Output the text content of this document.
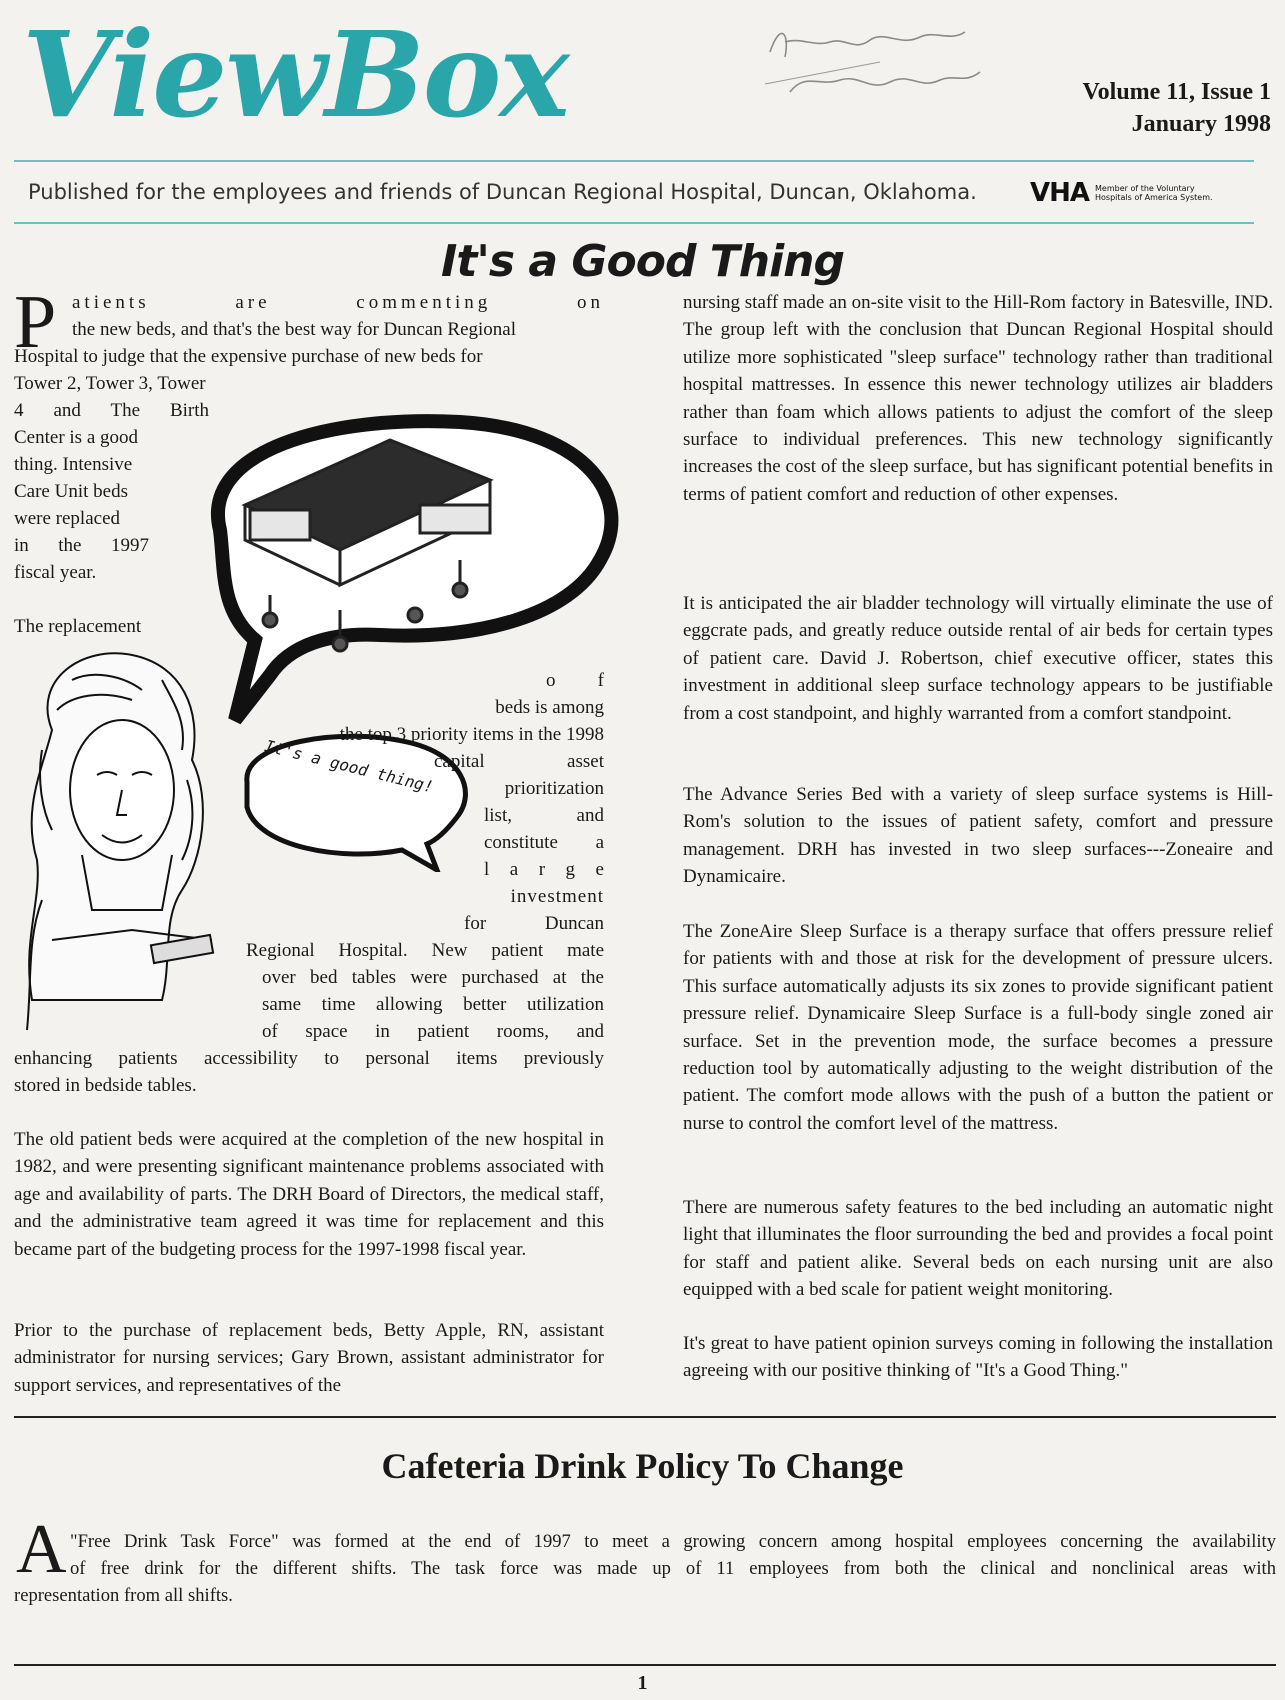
ViewBox	Volume 11, Issue 1
January 1998
Published for the employees and friends of Duncan Regional Hospital, Duncan, Oklahoma. VHA Member of the Voluntary
Hospitals of America System.
It's a Good Thing
P
It's a good thing!
atients are commenting on
the new beds, and that's the best way for Duncan Regional
Hospital to judge that the expensive purchase of new beds for
Tower 2, Tower 3, Tower
4 and The Birth
Center is a good
thing. Intensive
Care Unit beds
were replaced
in the 1997
fiscal year.
The replacement
o f
beds is among
the top 3 priority items in the 1998
capital asset
prioritization
list, and
constitute a
l a r g e
investment
for Duncan
Regional Hospital. New patient mate
over bed tables were purchased at the
same time allowing better utilization
of space in patient rooms, and
enhancing patients accessibility to personal items previously
stored in bedside tables.
The old patient beds were acquired at the completion of the new hospital in 1982, and were presenting significant maintenance problems associated with age and availability of parts. The DRH Board of Directors, the medical staff, and the administrative team agreed it was time for replacement and this became part of the budgeting process for the 1997-1998 fiscal year.
Prior to the purchase of replacement beds, Betty Apple, RN, assistant administrator for nursing services; Gary Brown, assistant administrator for support services, and representatives of the
nursing staff made an on-site visit to the Hill-Rom factory in Batesville, IND. The group left with the conclusion that Duncan Regional Hospital should utilize more sophisticated "sleep surface" technology rather than traditional hospital mattresses. In essence this newer technology utilizes air bladders rather than foam which allows patients to adjust the comfort of the sleep surface to individual preferences. This new technology significantly increases the cost of the sleep surface, but has significant potential benefits in terms of patient comfort and reduction of other expenses.
It is anticipated the air bladder technology will virtually eliminate the use of eggcrate pads, and greatly reduce outside rental of air beds for certain types of patient care. David J. Robertson, chief executive officer, states this investment in additional sleep surface technology appears to be justifiable from a cost standpoint, and highly warranted from a comfort standpoint.
The Advance Series Bed with a variety of sleep surface systems is Hill-Rom's solution to the issues of patient safety, comfort and pressure management. DRH has invested in two sleep surfaces---Zoneaire and Dynamicaire.
The ZoneAire Sleep Surface is a therapy surface that offers pressure relief for patients with and those at risk for the development of pressure ulcers. This surface automatically adjusts its six zones to provide significant patient pressure relief. Dynamicaire Sleep Surface is a full-body single zoned air surface. Set in the prevention mode, the surface becomes a pressure reduction tool by automatically adjusting to the weight distribution of the patient. The comfort mode allows with the push of a button the patient or nurse to control the comfort level of the mattress.
There are numerous safety features to the bed including an automatic night light that illuminates the floor surrounding the bed and provides a focal point for staff and patient alike. Several beds on each nursing unit are also equipped with a bed scale for patient weight monitoring.
It's great to have patient opinion surveys coming in following the installation agreeing with our positive thinking of "It's a Good Thing."
Cafeteria Drink Policy To Change
A "Free Drink Task Force" was formed at the end of 1997 to meet a growing concern among hospital employees concerning the availability
of free drink for the different shifts. The task force was made up of 11 employees from both the clinical and nonclinical areas with
representation from all shifts.
1
